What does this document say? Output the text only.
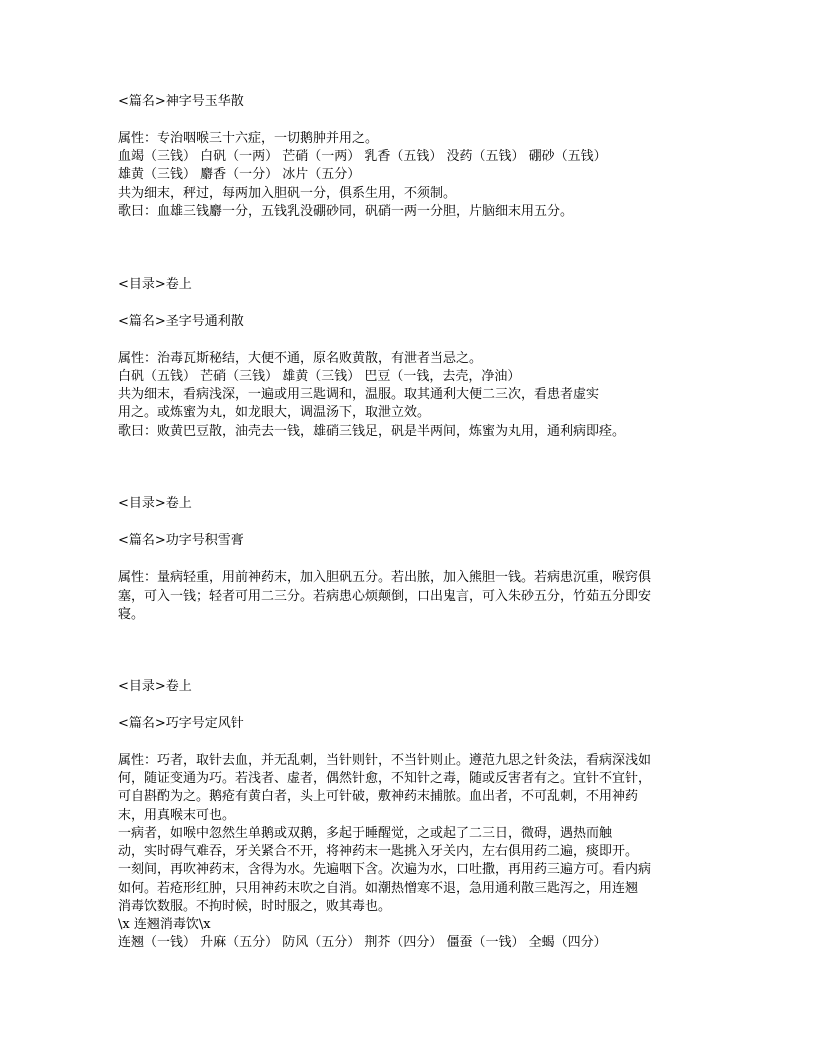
<篇名>神字号玉华散
属性：专治咽喉三十六症，一切鹅肿并用之。
血竭（三钱） 白矾（一两） 芒硝（一两） 乳香（五钱） 没药（五钱） 硼砂（五钱）
雄黄（三钱） 麝香（一分） 冰片（五分）
共为细末，秤过，每两加入胆矾一分，俱系生用，不须制。
歌曰：血雄三钱麝一分，五钱乳没硼砂同，矾硝一两一分胆，片脑细末用五分。
<目录>卷上
<篇名>圣字号通利散
属性：治毒瓦斯秘结，大便不通，原名败黄散，有泄者当忌之。
白矾（五钱） 芒硝（三钱） 雄黄（三钱） 巴豆（一钱，去壳，净油）
共为细末，看病浅深，一遍或用三匙调和，温服。取其通利大便二三次，看患者虚实
用之。或炼蜜为丸，如龙眼大，调温汤下，取泄立效。
歌曰：败黄巴豆散，油壳去一钱，雄硝三钱足，矾是半两间，炼蜜为丸用，通利病即痊。
<目录>卷上
<篇名>功字号积雪膏
属性：量病轻重，用前神药末，加入胆矾五分。若出脓，加入熊胆一钱。若病患沉重，喉窍俱
塞，可入一钱；轻者可用二三分。若病患心烦颠倒，口出鬼言，可入朱砂五分，竹茹五分即安
寝。
<目录>卷上
<篇名>巧字号定风针
属性：巧者，取针去血，并无乱刺，当针则针，不当针则止。遵范九思之针灸法，看病深浅如
何，随证变通为巧。若浅者、虚者，偶然针愈，不知针之毒，随或反害者有之。宜针不宜针，
可自斟酌为之。鹅疮有黄白者，头上可针破，敷神药末捕脓。血出者，不可乱刺，不用神药
末，用真喉末可也。
一病者，如喉中忽然生单鹅或双鹅，多起于睡醒觉，之或起了二三日，微碍，遇热而触
动，实时碍气难吞，牙关紧合不开，将神药末一匙挑入牙关内，左右俱用药二遍，痰即开。
一刻间，再吹神药末，含得为水。先遍咽下含。次遍为水，口吐撒，再用药三遍方可。看内病
如何。若疮形红肿，只用神药末吹之自消。如潮热憎寒不退，急用通利散三匙泻之，用连翘
消毒饮数服。不拘时候，时时服之，败其毒也。
\x 连翘消毒饮\x
连翘（一钱） 升麻（五分） 防风（五分） 荆芥（四分） 僵蚕（一钱） 全蝎（四分）
